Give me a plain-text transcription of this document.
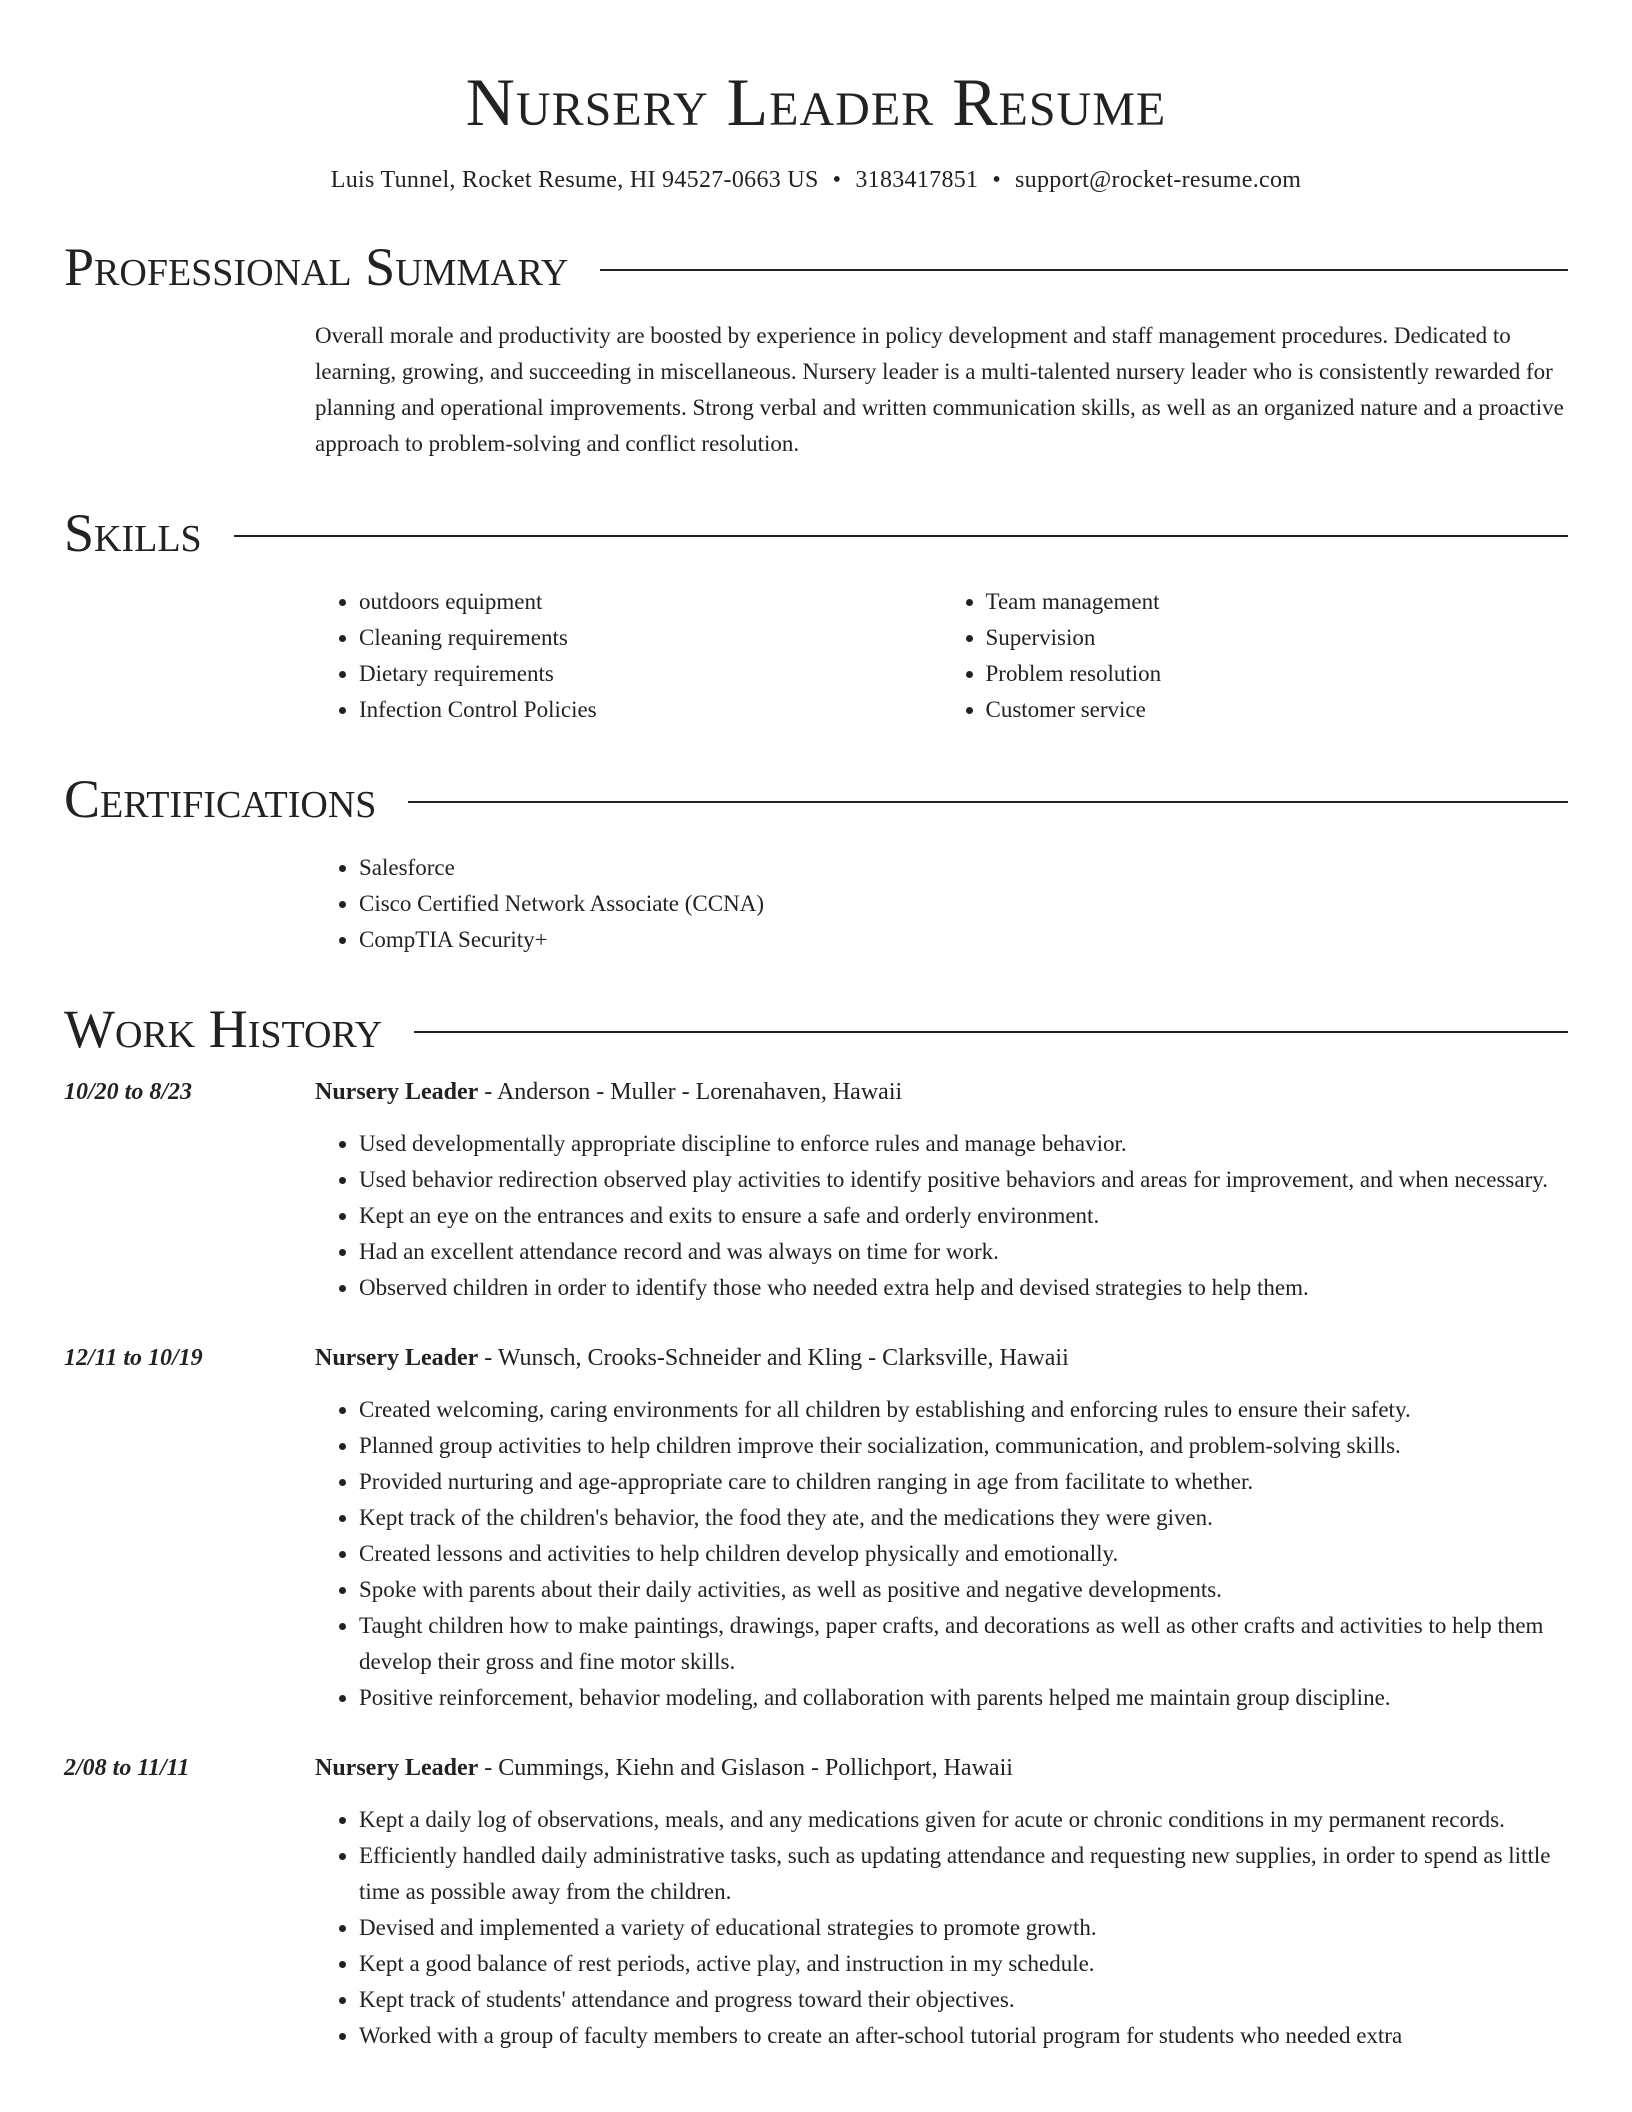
Nursery Leader Resume
Luis Tunnel, Rocket Resume, HI 94527-0663 US • 3183417851 • support@rocket-resume.com
Professional Summary
Overall morale and productivity are boosted by experience in policy development and staff management procedures. Dedicated to learning, growing, and succeeding in miscellaneous. Nursery leader is a multi-talented nursery leader who is consistently rewarded for planning and operational improvements. Strong verbal and written communication skills, as well as an organized nature and a proactive approach to problem-solving and conflict resolution.
Skills
• outdoors equipment
• Cleaning requirements
• Dietary requirements
• Infection Control Policies
• Team management
• Supervision
• Problem resolution
• Customer service
Certifications
• Salesforce
• Cisco Certified Network Associate (CCNA)
• CompTIA Security+
Work History
10/20 to 8/23	Nursery Leader - Anderson - Muller - Lorenahaven, Hawaii
• Used developmentally appropriate discipline to enforce rules and manage behavior.
• Used behavior redirection observed play activities to identify positive behaviors and areas for improvement, and when necessary.
• Kept an eye on the entrances and exits to ensure a safe and orderly environment.
• Had an excellent attendance record and was always on time for work.
• Observed children in order to identify those who needed extra help and devised strategies to help them.
12/11 to 10/19	Nursery Leader - Wunsch, Crooks-Schneider and Kling - Clarksville, Hawaii
• Created welcoming, caring environments for all children by establishing and enforcing rules to ensure their safety.
• Planned group activities to help children improve their socialization, communication, and problem-solving skills.
• Provided nurturing and age-appropriate care to children ranging in age from facilitate to whether.
• Kept track of the children's behavior, the food they ate, and the medications they were given.
• Created lessons and activities to help children develop physically and emotionally.
• Spoke with parents about their daily activities, as well as positive and negative developments.
• Taught children how to make paintings, drawings, paper crafts, and decorations as well as other crafts and activities to help them develop their gross and fine motor skills.
• Positive reinforcement, behavior modeling, and collaboration with parents helped me maintain group discipline.
2/08 to 11/11	Nursery Leader - Cummings, Kiehn and Gislason - Pollichport, Hawaii
• Kept a daily log of observations, meals, and any medications given for acute or chronic conditions in my permanent records.
• Efficiently handled daily administrative tasks, such as updating attendance and requesting new supplies, in order to spend as little time as possible away from the children.
• Devised and implemented a variety of educational strategies to promote growth.
• Kept a good balance of rest periods, active play, and instruction in my schedule.
• Kept track of students' attendance and progress toward their objectives.
• Worked with a group of faculty members to create an after-school tutorial program for students who needed extra
